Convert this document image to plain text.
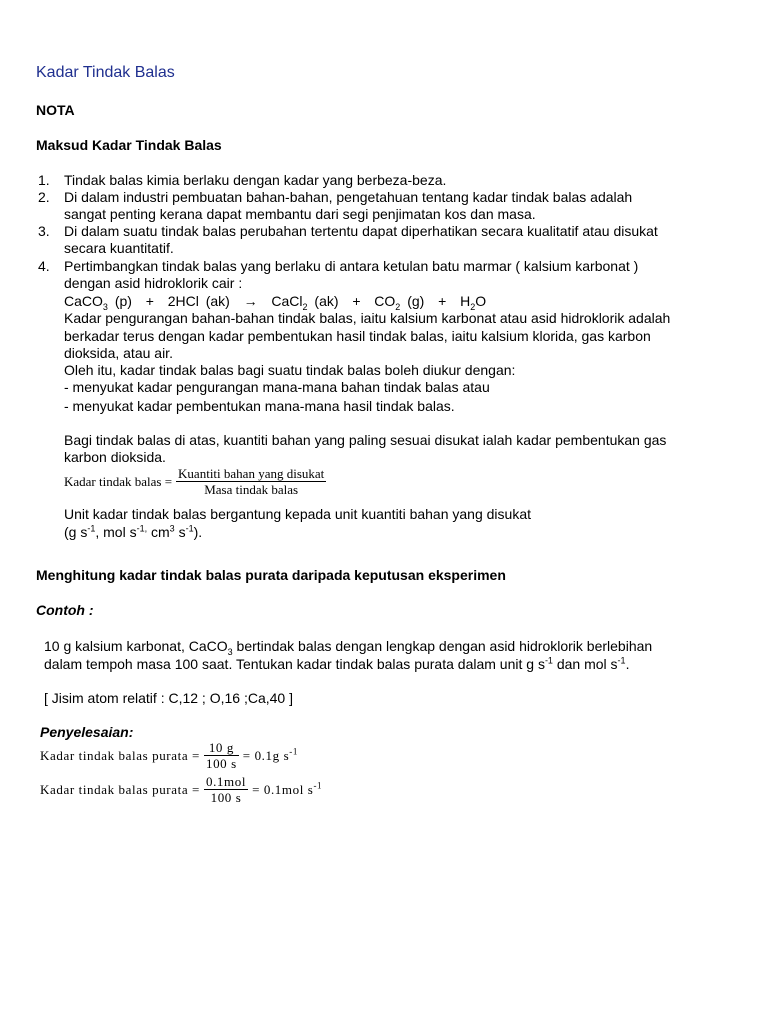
Kadar Tindak Balas
NOTA
Maksud Kadar Tindak Balas
1. Tindak balas kimia berlaku dengan kadar yang berbeza-beza.
2. Di dalam industri pembuatan bahan-bahan, pengetahuan tentang kadar tindak balas adalah
sangat penting kerana dapat membantu dari segi penjimatan kos dan masa.
3. Di dalam suatu tindak balas perubahan tertentu dapat diperhatikan secara kualitatif atau disukat
secara kuantitatif.
4. Pertimbangkan tindak balas yang berlaku di antara ketulan batu marmar ( kalsium karbonat )
dengan asid hidroklorik cair :
CaCO$_3$ (p) + 2HCl (ak) → CaCl$_2$ $(ak) + CO_2$ $(g) + H_2O$
Kadar pengurangan bahan-bahan tindak balas, iaitu kalsium karbonat atau asid hidroklorik adalah
berkadar terus dengan kadar pembentukan hasil tindak balas, iaitu kalsium klorida, gas karbon
dioksida, atau air.
Oleh itu, kadar tindak balas bagi suatu tindak balas boleh diukur dengan:
- menyukat kadar pengurangan mana-mana bahan tindak balas atau
- menyukat kadar pembentukan mana-mana hasil tindak balas.
Bagi tindak balas di atas, kuantiti bahan yang paling sesuai disukat ialah kadar pembentukan gas
karbon dioksida.
Kadar tindak balas = $\frac{\text{Kuantiti bahan yang disukat}}{\text{Masa tindak balas}}$
Unit kadar tindak balas bergantung kepada unit kuantiti bahan yang disukat
(g $s^{-1}$, mol $s^{-1,}$ $cm^3$ $s^{-1}$).
Menghitung kadar tindak balas purata daripada keputusan eksperimen
Contoh :
10 g kalsium karbonat, CaCO$_3$ bertindak balas dengan lengkap dengan asid hidroklorik berlebihan
dalam tempoh masa 100 saat. Tentukan kadar tindak balas purata dalam unit g $s^{-1}$ dan mol $s^{-1}$.
[ Jisim atom relatif : C,12 ; O,16 ;Ca,40 ]
Penyelesaian:
Kadar tindak balas purata = $\frac{10 g}{100 s} = 0.1g$ $s^{-1}$
Kadar tindak balas purata = $\frac{\text{0.1mol}}{100 s} = 0.1mol$ $s^{-1}$
